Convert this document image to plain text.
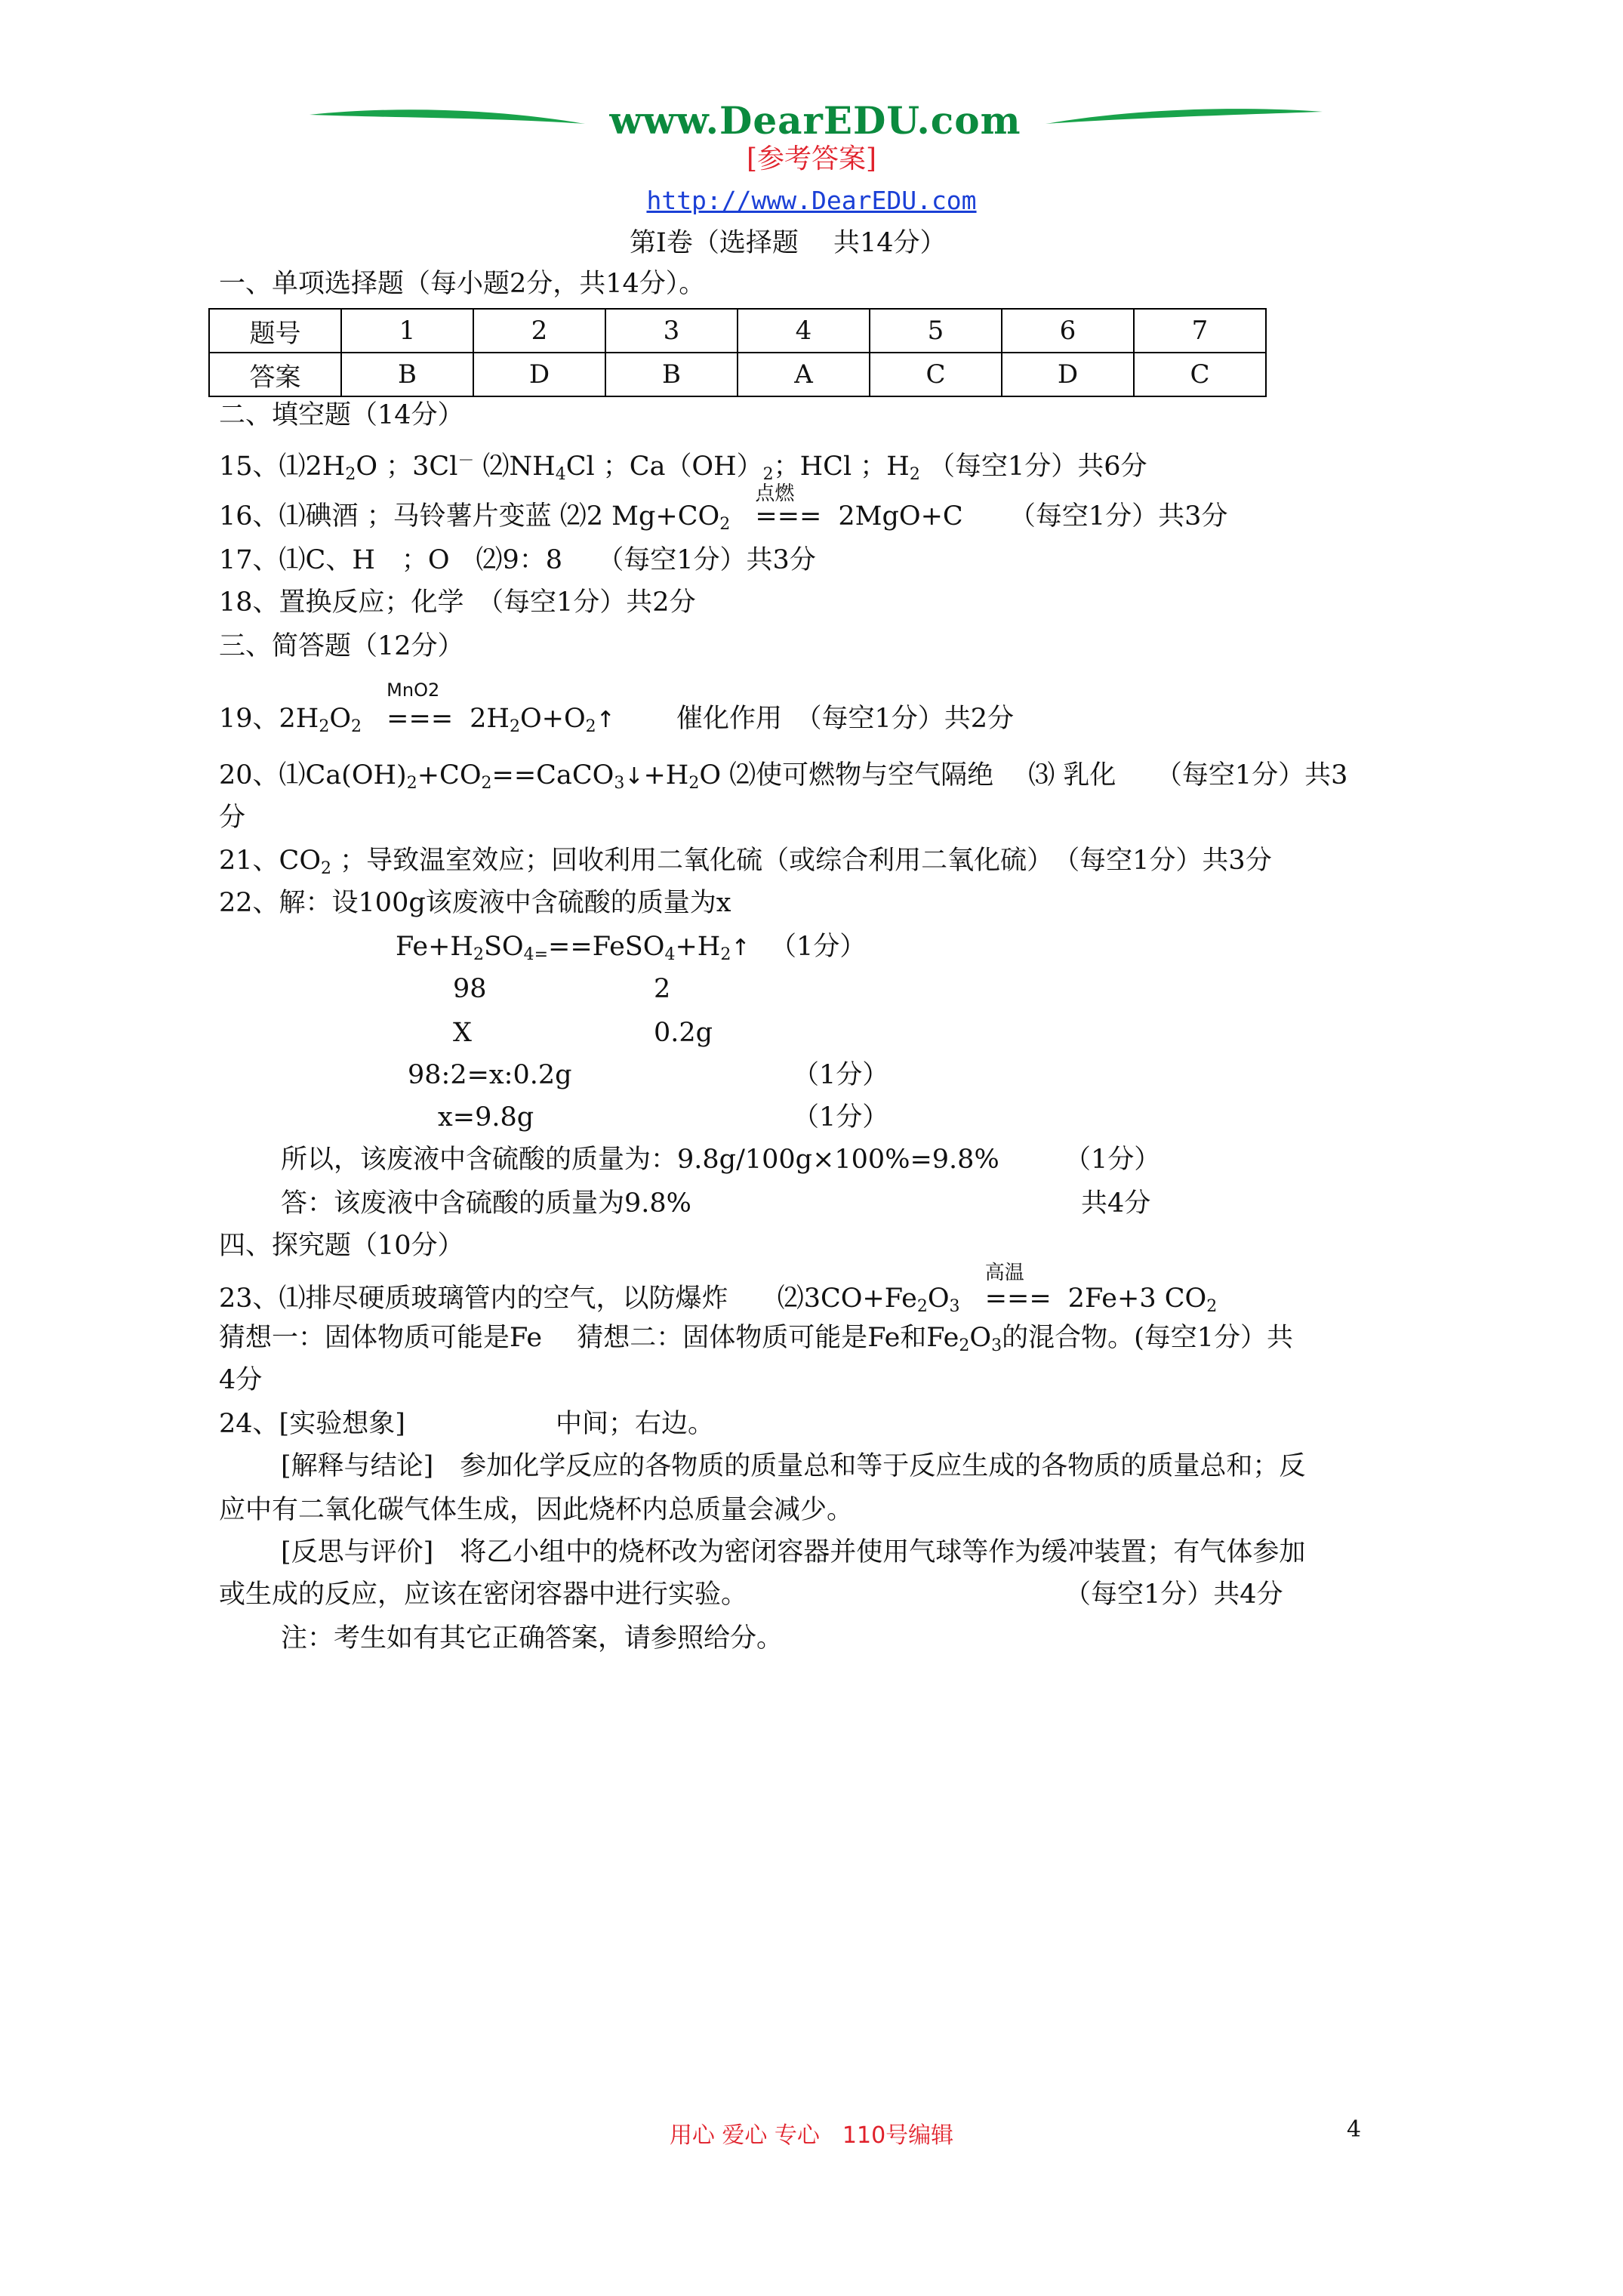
www.DearEDU.com
[参考答案]
http://www.DearEDU.com
第Ⅰ卷（选择题　 共14分）
一、单项选择题（每小题2分，共14分）。
题号	1	2	3	4	5	6	7
答案	B	D	B	A	C	D	C
二、填空题（14分）
15、$⑴2H_2O$ ；3Cl－ $⑵NH_4Cl$ ；$Ca(OH)_2$；HCl ；$H_2$ （每空1分）共6分
16、⑴碘酒 ；马铃薯片变蓝 ⑵2 $Mg+CO_2$
点燃
=== 2MgO+C （每空1分）共3分
17、⑴C、H　；O　⑵9：8　 （每空1分）共3分
18、置换反应；化学　（每空1分）共2分
三、简答题（12分）
19、$2H_2O_2$
MnO2
=== $2H_2O+O_2↑$ 催化作用　（每空1分）共2分
20、$⑴Ca(OH)_2+CO_2==CaCO_3↓+H_2O$ ⑵使可燃物与空气隔绝　 ⑶ 乳化　　（每空1分）共3
分
21、$CO_2$ ；导致温室效应；回收利用二氧化硫（或综合利用二氧化硫）　（每空1分）共3分
22、解：设100g该废液中含硫酸的质量为x
$Fe+H_2SO_{4=}==FeSO_4+H_2↑$ （1分）
98	2
X	0.2g
98:2=x:0.2g	（1分）
x=9.8g	（1分）
所以，该废液中含硫酸的质量为：9.8g/100g×100%=9.8% （1分）
答：该废液中含硫酸的质量为9.8%	共4分
四、探究题（10分）
23、⑴排尽硬质玻璃管内的空气，以防爆炸 $⑵3CO+Fe_2O_3$
高温
=== 2Fe+3 $CO_2$
猜想一：固体物质可能是Fe　 猜想二：固体物质可能是Fe和$Fe_2O_3$的混合物。(每空1分）共
4分
24、[实验想象]	中间；右边。
[解释与结论]　参加化学反应的各物质的质量总和等于反应生成的各物质的质量总和；反
应中有二氧化碳气体生成，因此烧杯内总质量会减少。
[反思与评价]　将乙小组中的烧杯改为密闭容器并使用气球等作为缓冲装置；有气体参加
或生成的反应，应该在密闭容器中进行实验。	（每空1分）共4分
注：考生如有其它正确答案，请参照给分。
用心 爱心 专心　110号编辑	4
